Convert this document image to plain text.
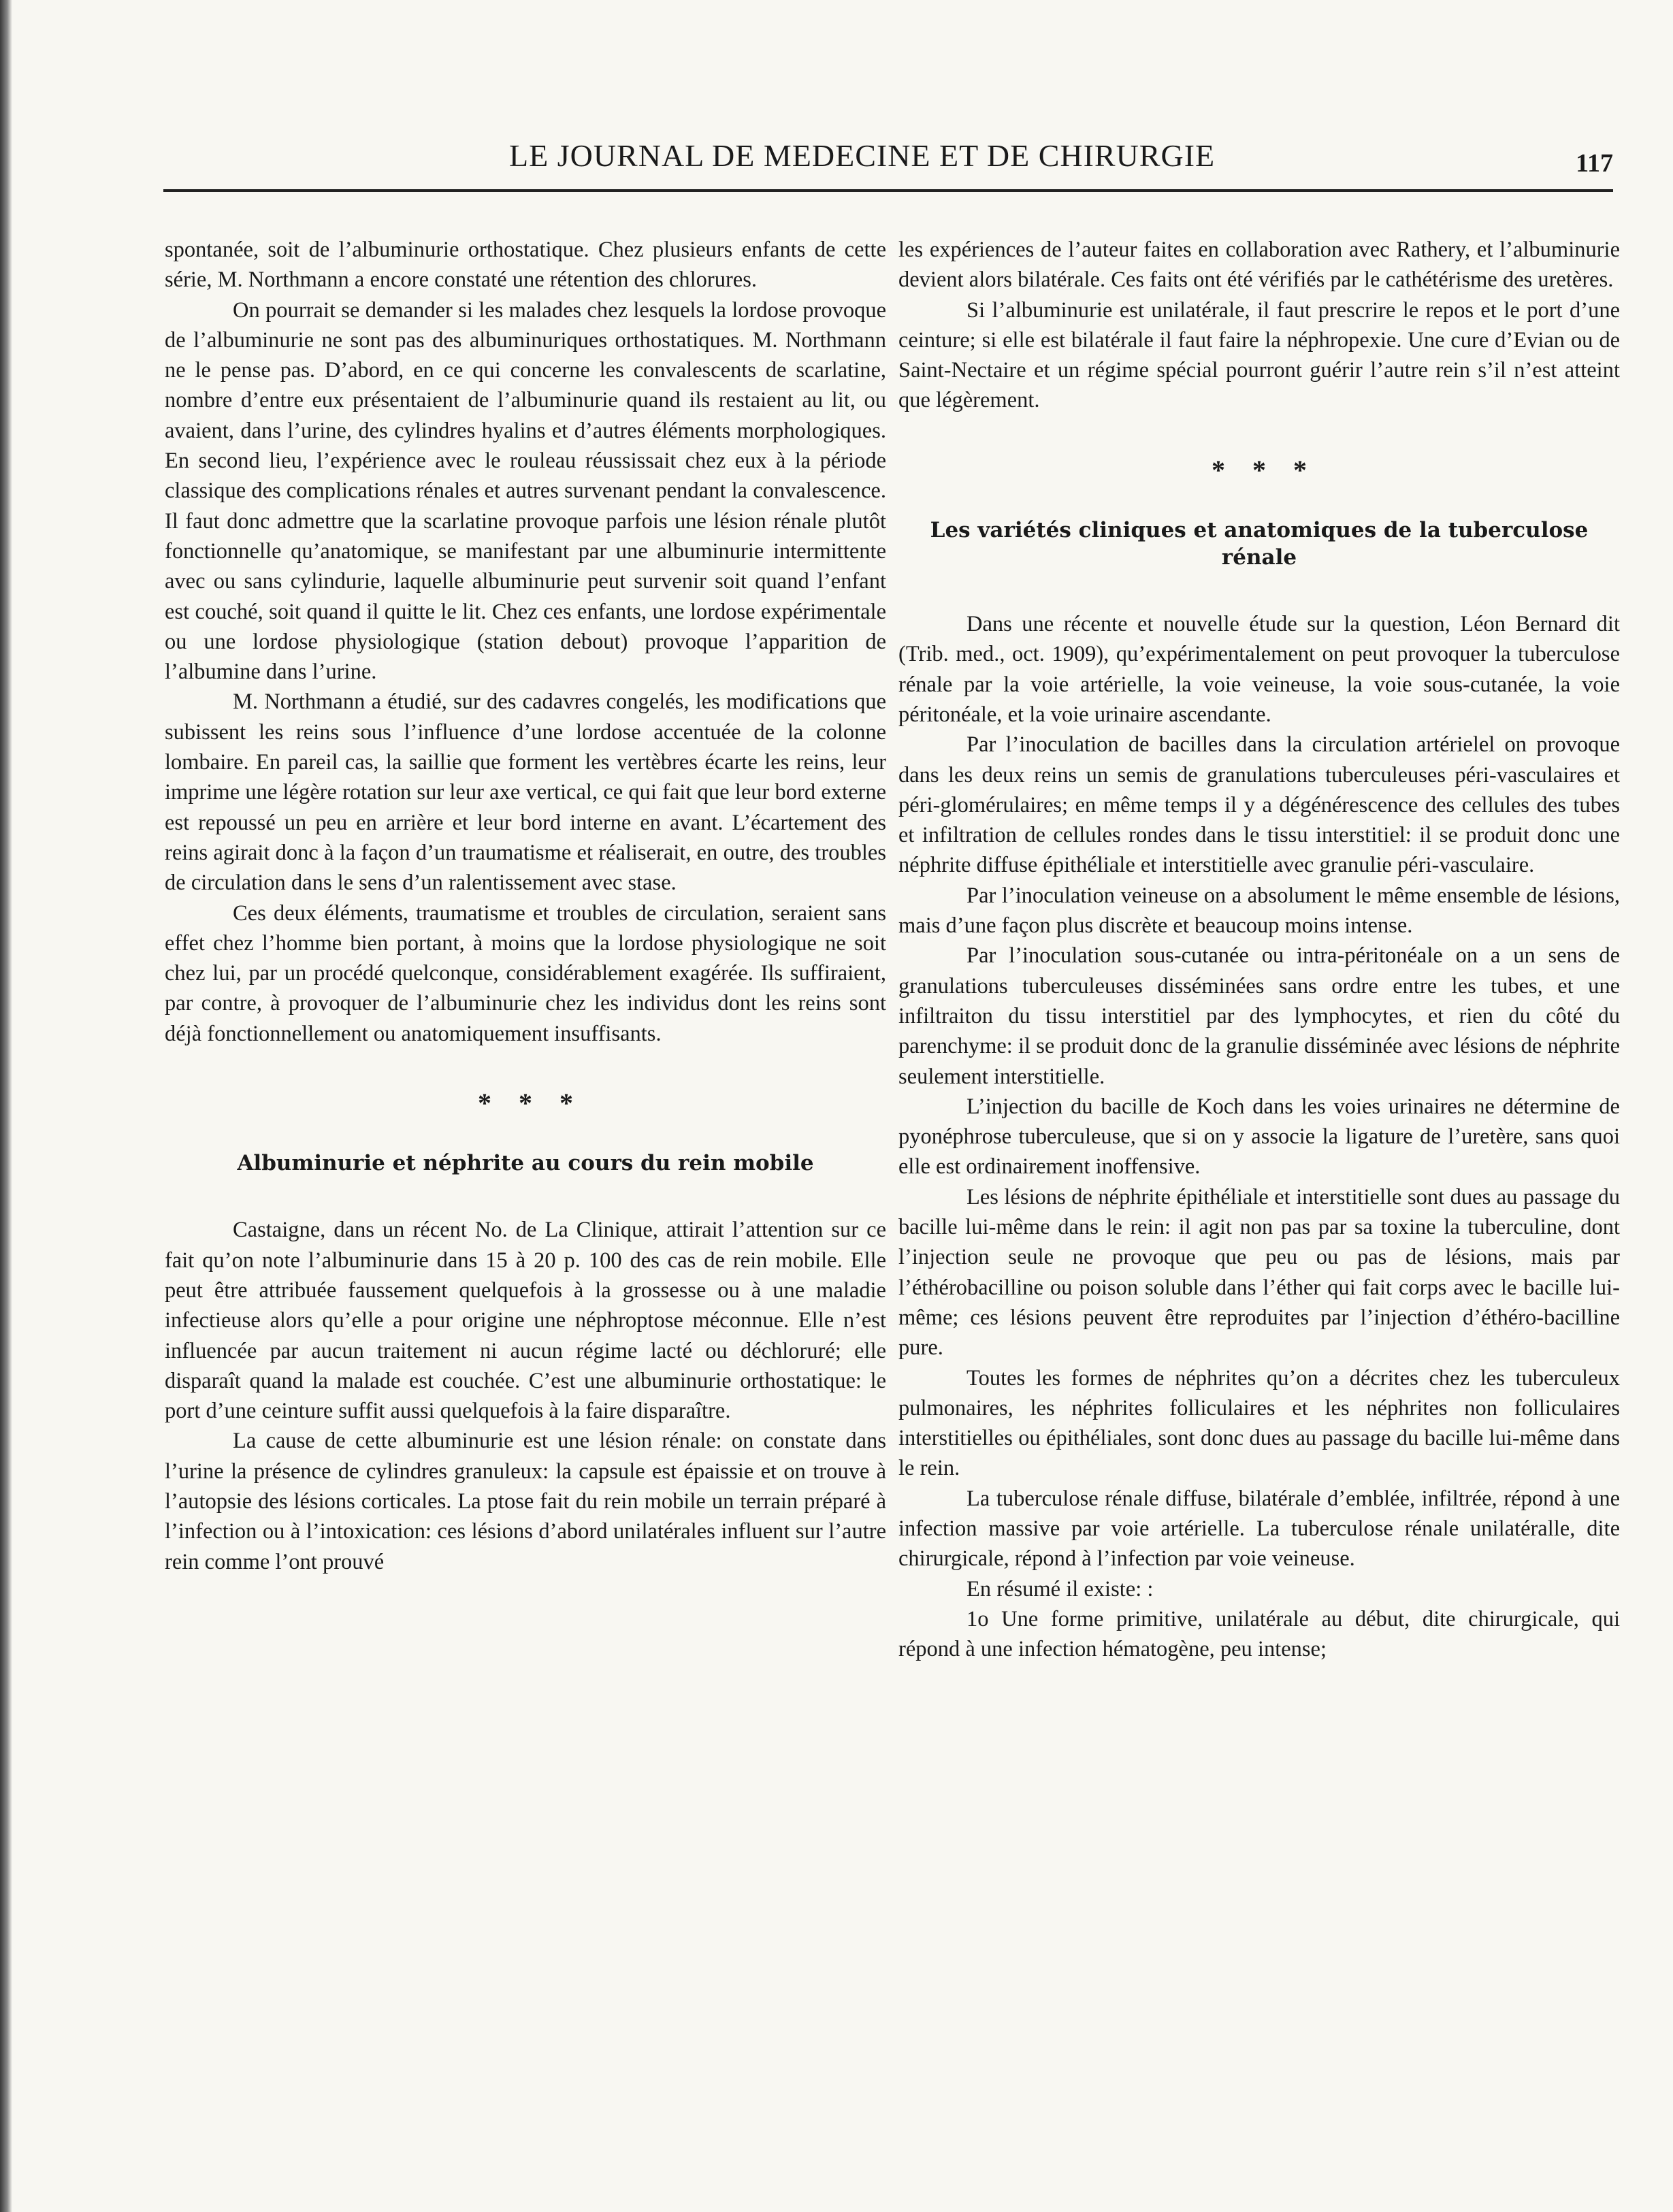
LE JOURNAL DE MEDECINE ET DE CHIRURGIE	117

spontanée, soit de l’albuminurie orthostatique. Chez plusieurs enfants de cette série, M. Northmann a encore constaté une rétention des chlorures.

On pourrait se demander si les malades chez lesquels la lordose provoque de l’albuminurie ne sont pas des albuminuriques orthostatiques. M. Northmann ne le pense pas. D’abord, en ce qui concerne les convalescents de scarlatine, nombre d’entre eux présentaient de l’albuminurie quand ils restaient au lit, ou avaient, dans l’urine, des cylindres hyalins et d’autres éléments morphologiques. En second lieu, l’expérience avec le rouleau réussissait chez eux à la période classique des complications rénales et autres survenant pendant la convalescence. Il faut donc admettre que la scarlatine provoque parfois une lésion rénale plutôt fonctionnelle qu’anatomique, se manifestant par une albuminurie intermittente avec ou sans cylindurie, laquelle albuminurie peut survenir soit quand l’enfant est couché, soit quand il quitte le lit. Chez ces enfants, une lordose expérimentale ou une lordose physiologique (station debout) provoque l’apparition de l’albumine dans l’urine.

M. Northmann a étudié, sur des cadavres congelés, les modifications que subissent les reins sous l’influence d’une lordose accentuée de la colonne lombaire. En pareil cas, la saillie que forment les vertèbres écarte les reins, leur imprime une légère rotation sur leur axe vertical, ce qui fait que leur bord externe est repoussé un peu en arrière et leur bord interne en avant. L’écartement des reins agirait donc à la façon d’un traumatisme et réaliserait, en outre, des troubles de circulation dans le sens d’un ralentissement avec stase.

Ces deux éléments, traumatisme et troubles de circulation, seraient sans effet chez l’homme bien portant, à moins que la lordose physiologique ne soit chez lui, par un procédé quelconque, considérablement exagérée. Ils suffiraient, par contre, à provoquer de l’albuminurie chez les individus dont les reins sont déjà fonctionnellement ou anatomiquement insuffisants.

***
Albuminurie et néphrite au cours du rein mobile

Castaigne, dans un récent No. de La Clinique, attirait l’attention sur ce fait qu’on note l’albuminurie dans 15 à 20 p. 100 des cas de rein mobile. Elle peut être attribuée faussement quelquefois à la grossesse ou à une maladie infectieuse alors qu’elle a pour origine une néphroptose méconnue. Elle n’est influencée par aucun traitement ni aucun régime lacté ou déchloruré; elle disparaît quand la malade est couchée. C’est une albuminurie orthostatique: le port d’une ceinture suffit aussi quelquefois à la faire disparaître.

La cause de cette albuminurie est une lésion rénale: on constate dans l’urine la présence de cylindres granuleux: la capsule est épaissie et on trouve à l’autopsie des lésions corticales. La ptose fait du rein mobile un terrain préparé à l’infection ou à l’intoxication: ces lésions d’abord unilatérales influent sur l’autre rein comme l’ont prouvé

les expériences de l’auteur faites en collaboration avec Rathery, et l’albuminurie devient alors bilatérale. Ces faits ont été vérifiés par le cathétérisme des uretères.

Si l’albuminurie est unilatérale, il faut prescrire le repos et le port d’une ceinture; si elle est bilatérale il faut faire la néphropexie. Une cure d’Evian ou de Saint-Nectaire et un régime spécial pourront guérir l’autre rein s’il n’est atteint que légèrement.

***
Les variétés cliniques et anatomiques de la tuberculose rénale

Dans une récente et nouvelle étude sur la question, Léon Bernard dit (Trib. med., oct. 1909), qu’expérimentalement on peut provoquer la tuberculose rénale par la voie artérielle, la voie veineuse, la voie sous-cutanée, la voie péritonéale, et la voie urinaire ascendante.

Par l’inoculation de bacilles dans la circulation artérielel on provoque dans les deux reins un semis de granulations tuberculeuses péri-vasculaires et péri-glomérulaires; en même temps il y a dégénérescence des cellules des tubes et infiltration de cellules rondes dans le tissu interstitiel: il se produit donc une néphrite diffuse épithéliale et interstitielle avec granulie péri-vasculaire.

Par l’inoculation veineuse on a absolument le même ensemble de lésions, mais d’une façon plus discrète et beaucoup moins intense.

Par l’inoculation sous-cutanée ou intra-péritonéale on a un sens de granulations tuberculeuses disséminées sans ordre entre les tubes, et une infiltraiton du tissu interstitiel par des lymphocytes, et rien du côté du parenchyme: il se produit donc de la granulie disséminée avec lésions de néphrite seulement interstitielle.

L’injection du bacille de Koch dans les voies urinaires ne détermine de pyonéphrose tuberculeuse, que si on y associe la ligature de l’uretère, sans quoi elle est ordinairement inoffensive.

Les lésions de néphrite épithéliale et interstitielle sont dues au passage du bacille lui-même dans le rein: il agit non pas par sa toxine la tuberculine, dont l’injection seule ne provoque que peu ou pas de lésions, mais par l’éthérobacilline ou poison soluble dans l’éther qui fait corps avec le bacille lui-même; ces lésions peuvent être reproduites par l’injection d’éthéro-bacilline pure.

Toutes les formes de néphrites qu’on a décrites chez les tuberculeux pulmonaires, les néphrites folliculaires et les néphrites non folliculaires interstitielles ou épithéliales, sont donc dues au passage du bacille lui-même dans le rein.

La tuberculose rénale diffuse, bilatérale d’emblée, infiltrée, répond à une infection massive par voie artérielle. La tuberculose rénale unilatéralle, dite chirurgicale, répond à l’infection par voie veineuse.

En résumé il existe: :

1o Une forme primitive, unilatérale au début, dite chirurgicale, qui répond à une infection hématogène, peu intense;
